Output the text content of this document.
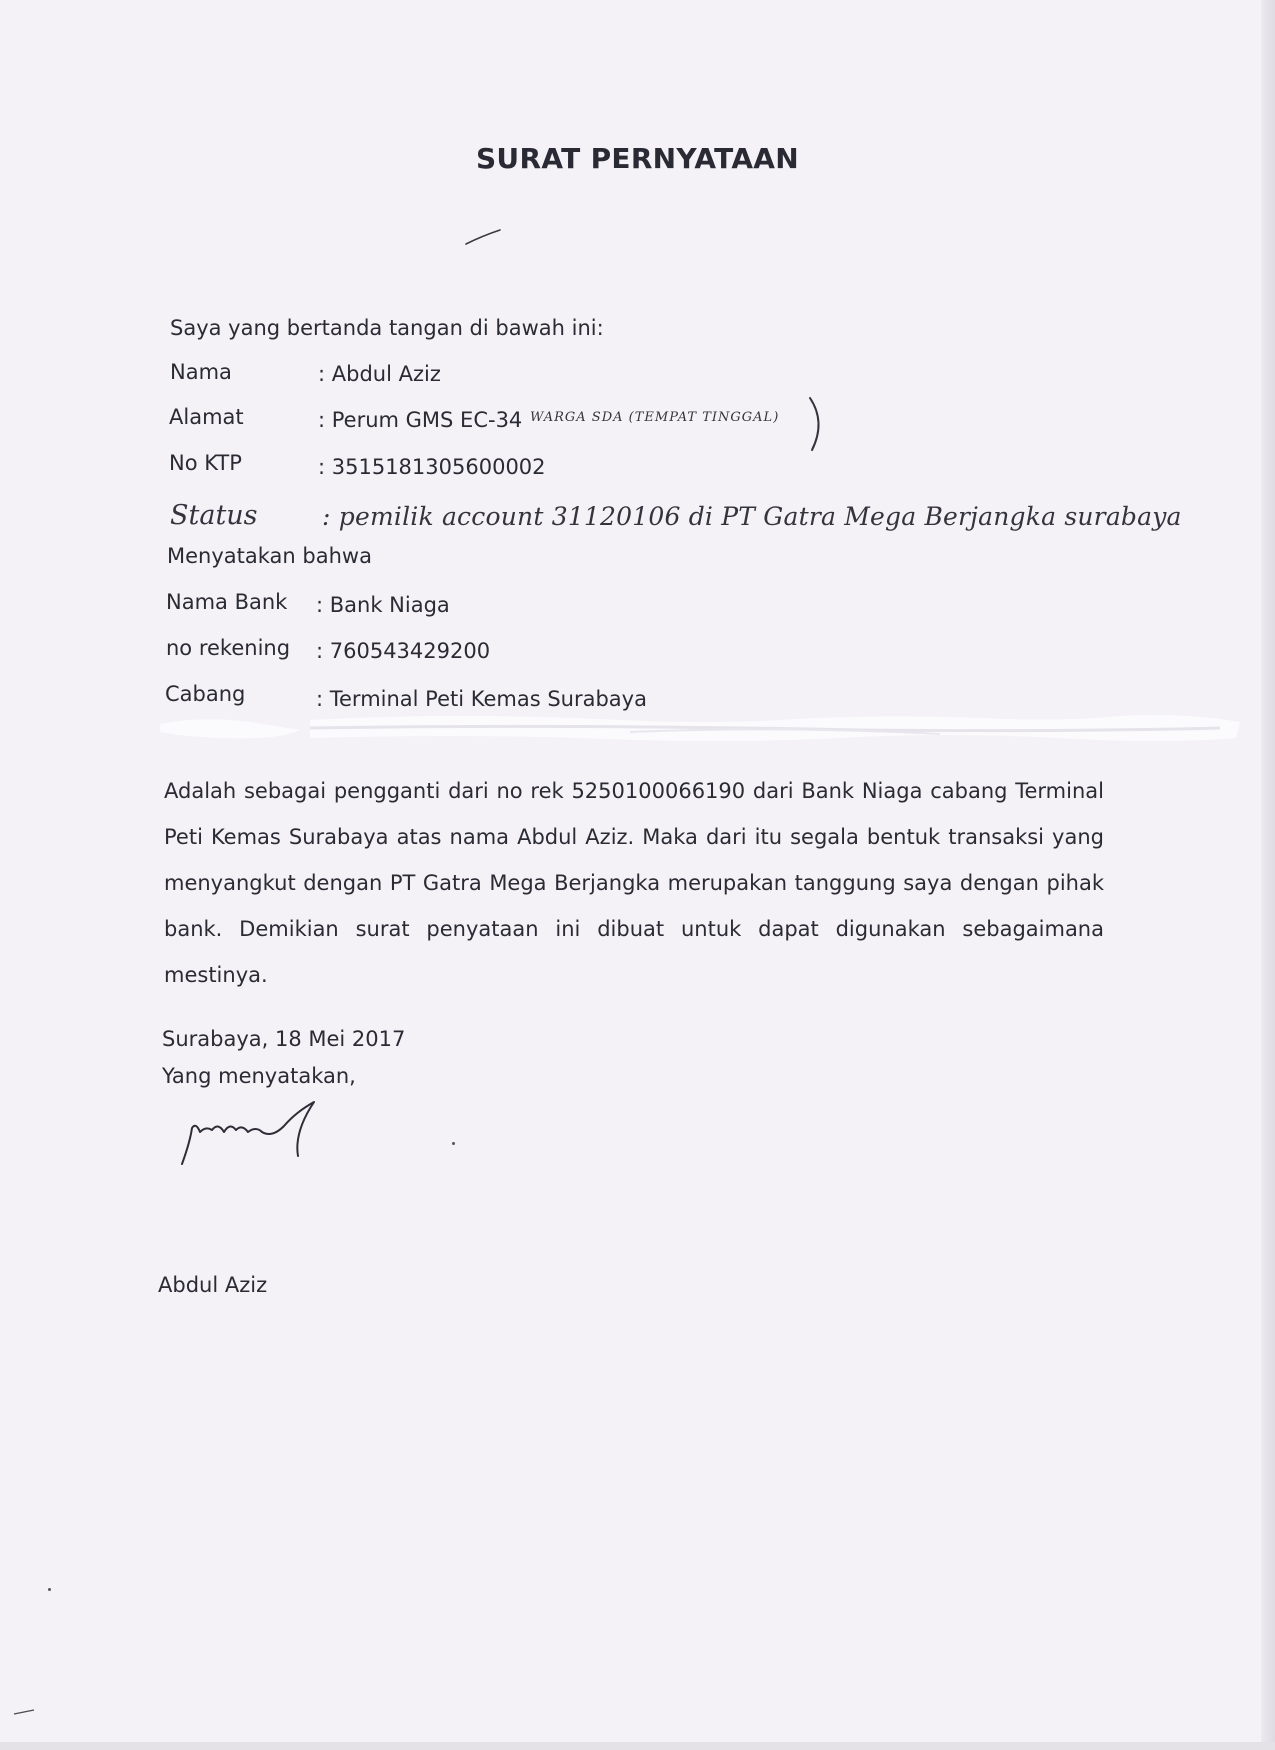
SURAT PERNYATAAN
Saya yang bertanda tangan di bawah ini:
Nama	: Abdul Aziz
Alamat	: Perum GMS EC-34 WARGA SDA (TEMPAT TINGGAL)
No KTP	: 3515181305600002
Status	: pemilik account 31120106 di PT Gatra Mega Berjangka surabaya
Menyatakan bahwa
Nama Bank : Bank Niaga
no rekening : 760543429200
Cabang	: Terminal Peti Kemas Surabaya
Adalah sebagai pengganti dari no rek 5250100066190 dari Bank Niaga cabang Terminal Peti Kemas Surabaya atas nama Abdul Aziz. Maka dari itu segala bentuk transaksi yang menyangkut dengan PT Gatra Mega Berjangka merupakan tanggung saya dengan pihak bank. Demikian surat penyataan ini dibuat untuk dapat digunakan sebagaimana mestinya.
Surabaya, 18 Mei 2017
Yang menyatakan,
Abdul Aziz
